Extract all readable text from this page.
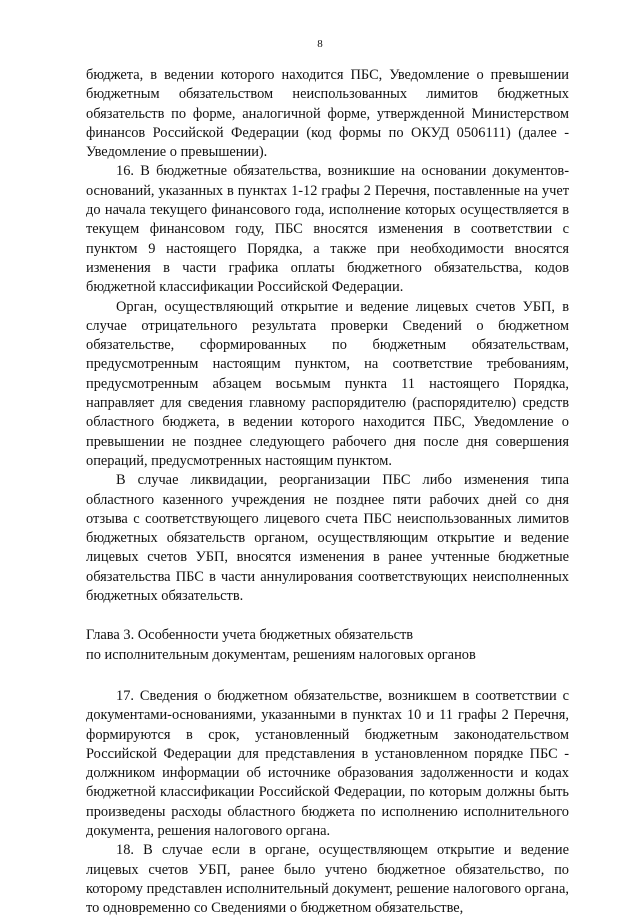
8

бюджета, в ведении которого находится ПБС, Уведомление о превышении бюджетным обязательством неиспользованных лимитов бюджетных обязательств по форме, аналогичной форме, утвержденной Министерством финансов Российской Федерации (код формы по ОКУД 0506111) (далее - Уведомление о превышении).

16. В бюджетные обязательства, возникшие на основании документов-оснований, указанных в пунктах 1-12 графы 2 Перечня, поставленные на учет до начала текущего финансового года, исполнение которых осуществляется в текущем финансовом году, ПБС вносятся изменения в соответствии с пунктом 9 настоящего Порядка, а также при необходимости вносятся изменения в части графика оплаты бюджетного обязательства, кодов бюджетной классификации Российской Федерации.

Орган, осуществляющий открытие и ведение лицевых счетов УБП, в случае отрицательного результата проверки Сведений о бюджетном обязательстве, сформированных по бюджетным обязательствам, предусмотренным настоящим пунктом, на соответствие требованиям, предусмотренным абзацем восьмым пункта 11 настоящего Порядка, направляет для сведения главному распорядителю (распорядителю) средств областного бюджета, в ведении которого находится ПБС, Уведомление о превышении не позднее следующего рабочего дня после дня совершения операций, предусмотренных настоящим пунктом.

В случае ликвидации, реорганизации ПБС либо изменения типа областного казенного учреждения не позднее пяти рабочих дней со дня отзыва с соответствующего лицевого счета ПБС неиспользованных лимитов бюджетных обязательств органом, осуществляющим открытие и ведение лицевых счетов УБП, вносятся изменения в ранее учтенные бюджетные обязательства ПБС в части аннулирования соответствующих неисполненных бюджетных обязательств.

Глава 3. Особенности учета бюджетных обязательств

по исполнительным документам, решениям налоговых органов

17. Сведения о бюджетном обязательстве, возникшем в соответствии с документами-основаниями, указанными в пунктах 10 и 11 графы 2 Перечня, формируются в срок, установленный бюджетным законодательством Российской Федерации для представления в установленном порядке ПБС - должником информации об источнике образования задолженности и кодах бюджетной классификации Российской Федерации, по которым должны быть произведены расходы областного бюджета по исполнению исполнительного документа, решения налогового органа.

18. В случае если в органе, осуществляющем открытие и ведение лицевых счетов УБП, ранее было учтено бюджетное обязательство, по которому представлен исполнительный документ, решение налогового органа, то одновременно со Сведениями о бюджетном обязательстве,
